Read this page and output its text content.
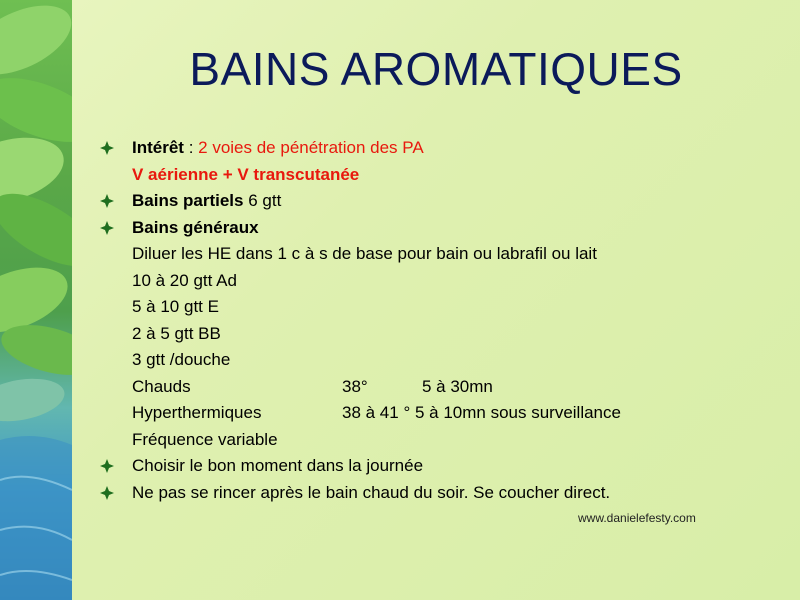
BAINS AROMATIQUES
Intérêt : 2 voies de pénétration des PA
V aérienne + V transcutanée
Bains partiels 6 gtt
Bains généraux
Diluer les HE dans 1 c à s de base pour bain ou labrafil ou lait
10 à 20 gtt Ad
5 à 10 gtt E
2 à 5 gtt BB
3 gtt /douche
Chauds	38°	5 à 30mn
Hyperthermiques	38 à 41 ° 5 à 10mn sous surveillance
Fréquence variable
Choisir le bon moment dans la journée
Ne pas se rincer après le bain chaud du soir. Se coucher direct.
www.danielefesty.com
